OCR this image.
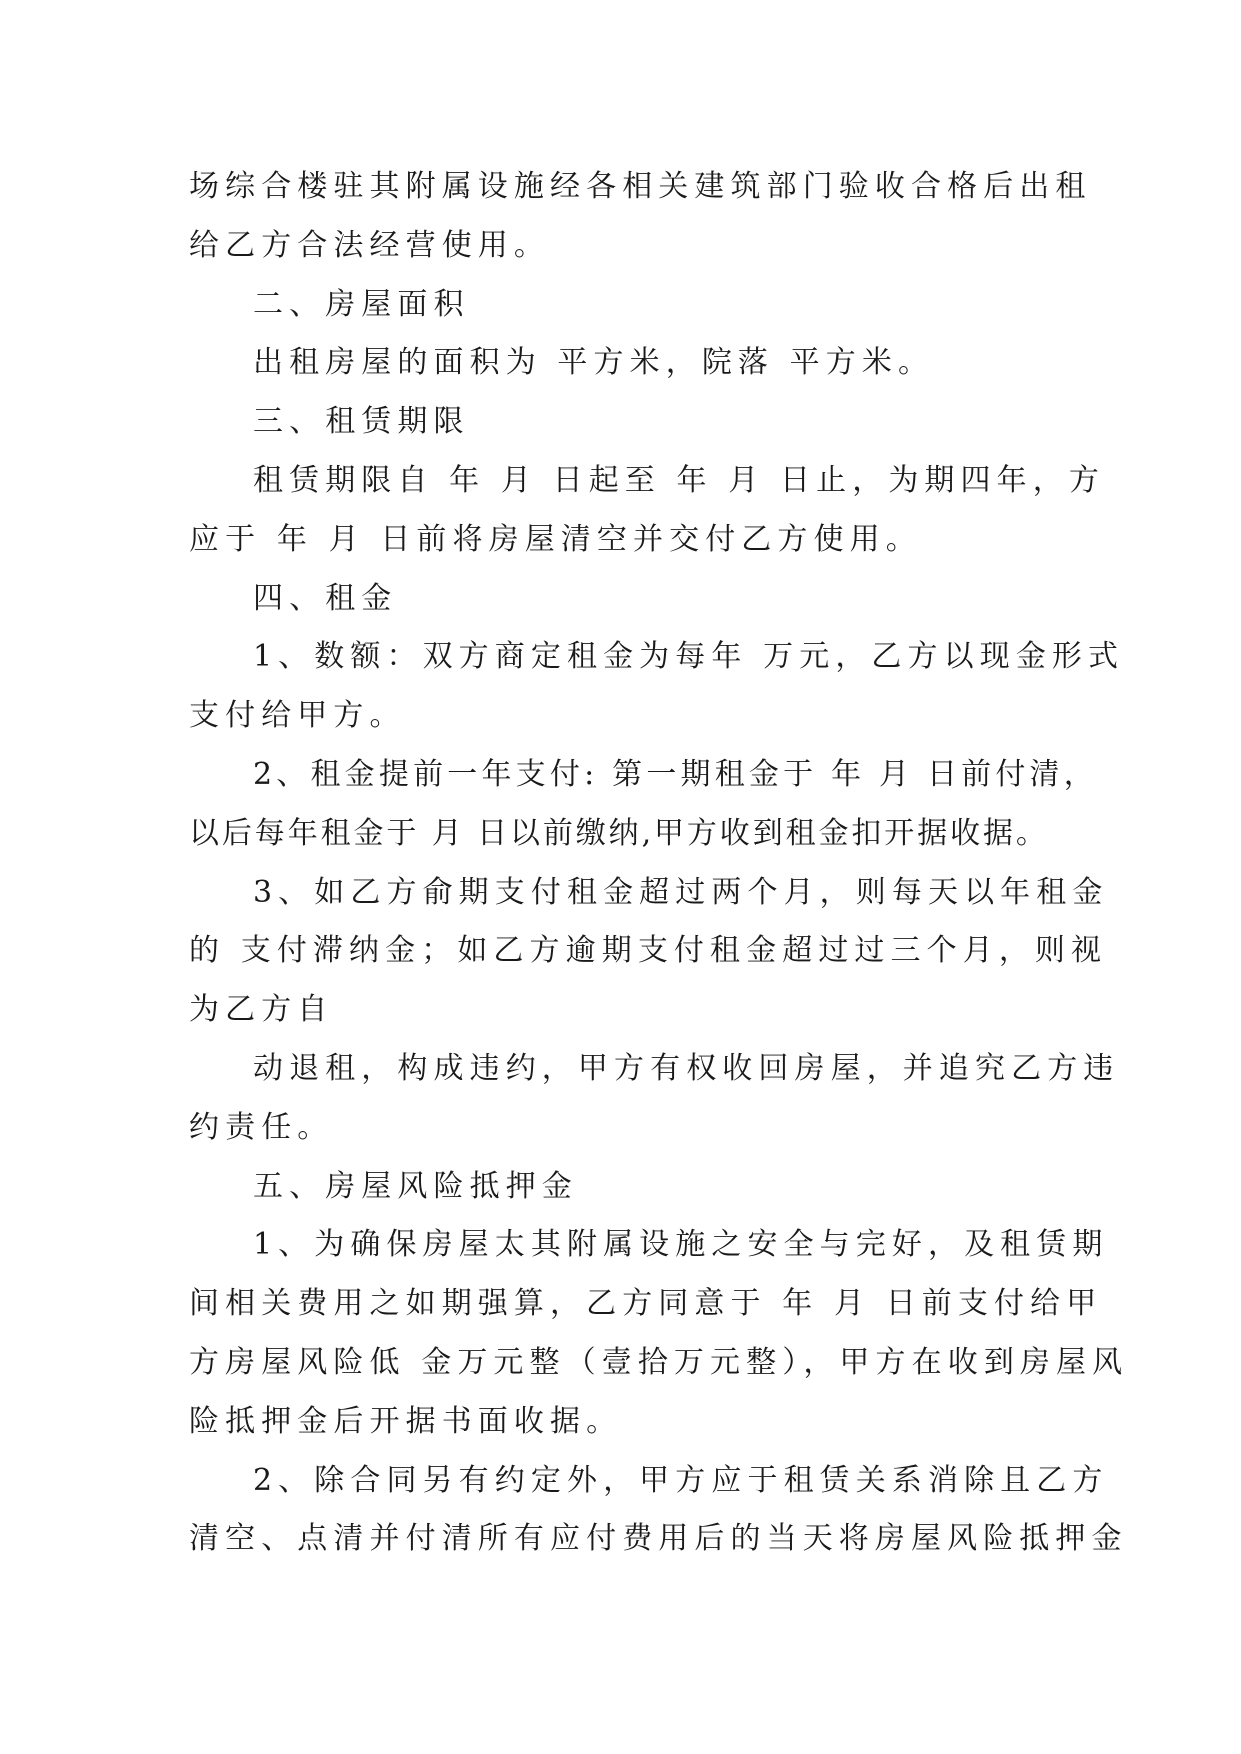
场综合楼驻其附属设施经各相关建筑部门验收合格后出租
给乙方合法经营使用。
二、房屋面积
出租房屋的面积为 平方米，院落 平方米。
三、租赁期限
租赁期限自 年 月 日起至 年 月 日止，为期四年，方
应于 年 月 日前将房屋清空并交付乙方使用。
四、租金
1、数额：双方商定租金为每年 万元，乙方以现金形式
支付给甲方。
2、租金提前一年支付: 第一期租金于 年 月 日前付清，
以后每年租金于 月 日以前缴纳,甲方收到租金扣开据收据。
3、如乙方俞期支付租金超过两个月，则每天以年租金
的 支付滞纳金；如乙方逾期支付租金超过过三个月，则视
为乙方自
动退租，构成违约，甲方有权收回房屋，并追究乙方违
约责任。
五、房屋风险抵押金
1、为确保房屋太其附属设施之安全与完好，及租赁期
间相关费用之如期强算，乙方同意于 年 月 日前支付给甲
方房屋风险低 金万元整（壹拾万元整），甲方在收到房屋风
险抵押金后开据书面收据。
2、除合同另有约定外，甲方应于租赁关系消除且乙方
清空、点清并付清所有应付费用后的当天将房屋风险抵押金
